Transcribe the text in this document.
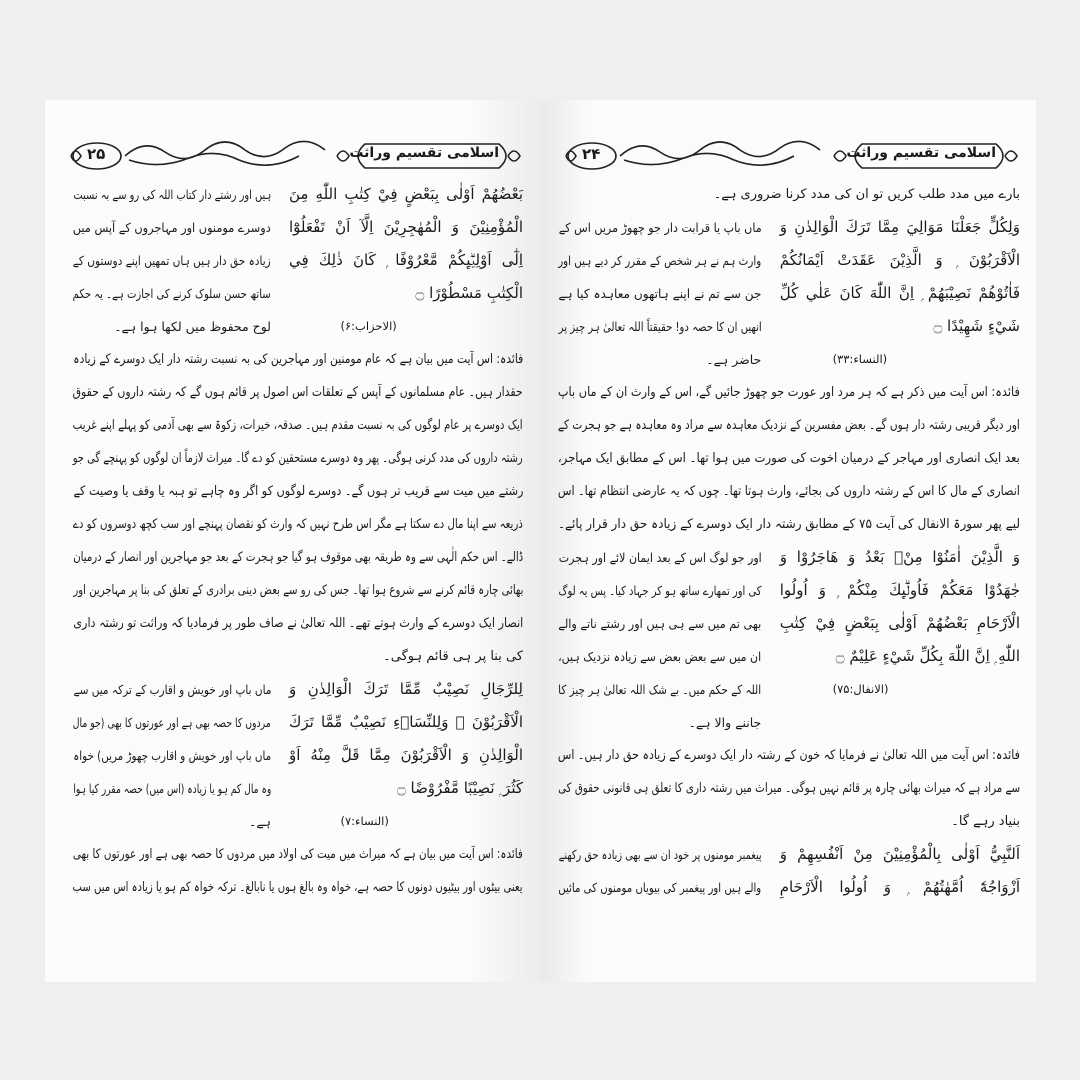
۲۵	اسلامی تقسیم وراثت
بَعْضُهُمْ اَوْلٰى بِبَعْضٍ فِيْ كِتٰبِ اللّٰهِ مِنَ
الْمُؤْمِنِيْنَ وَ الْمُهٰجِرِيْنَ اِلَّآ اَنْ تَفْعَلُوْٓا
اِلٰٓى اَوْلِيٰۗىِٕكُمْ مَّعْرُوْفًا ۭ كَانَ ذٰلِكَ فِي
الْكِتٰبِ مَسْطُوْرًا ۝
(الاحزاب:۶)
ہیں اور رشتے دار کتاب اللہ کی رو سے بہ نسبت
دوسرے مومنوں اور مہاجروں کے آپس میں
زیادہ حق دار ہیں ہاں تمھیں اپنے دوستوں کے
ساتھ حسن سلوک کرنے کی اجازت ہے۔ یہ حکم
لوح محفوظ میں لکھا ہوا ہے۔
فائدہ: اس آیت میں بیان ہے کہ عام مومنین اور مہاجرین کی بہ نسبت رشتہ دار ایک دوسرے کے زیادہ
حقدار ہیں۔ عام مسلمانوں کے آپس کے تعلقات اس اصول پر قائم ہوں گے کہ رشتہ داروں کے حقوق
ایک دوسرے پر عام لوگوں کی بہ نسبت مقدم ہیں۔ صدقہ، خیرات، زکوۃ سے بھی آدمی کو پہلے اپنے غریب
رشتہ داروں کی مدد کرنی ہوگی۔ پھر وہ دوسرے مستحقین کو دے گا۔ میراث لازماً ان لوگوں کو پہنچے گی جو
رشتے میں میت سے قریب تر ہوں گے۔ دوسرے لوگوں کو اگر وہ چاہے تو ہبہ یا وقف یا وصیت کے
ذریعہ سے اپنا مال دے سکتا ہے مگر اس طرح نہیں کہ وارث کو نقصان پہنچے اور سب کچھ دوسروں کو دے
ڈالے۔ اس حکم الٰہی سے وہ طریقہ بھی موقوف ہو گیا جو ہجرت کے بعد جو مہاجرین اور انصار کے درمیان
بھائی چارہ قائم کرنے سے شروع ہوا تھا۔ جس کی رو سے بعض دینی برادری کے تعلق کی بنا پر مہاجرین اور
انصار ایک دوسرے کے وارث ہوتے تھے۔ اللہ تعالیٰ نے صاف طور پر فرمادیا کہ وراثت تو رشتہ داری
کی بنا پر ہی قائم ہوگی۔
لِلرِّجَالِ نَصِيْبٌ مِّمَّا تَرَكَ الْوَالِدٰنِ وَ
الْاَقْرَبُوْنَ ۠ وَلِلنِّسَاۗءِ نَصِيْبٌ مِّمَّا تَرَكَ
الْوَالِدٰنِ وَ الْاَقْرَبُوْنَ مِمَّا قَلَّ مِنْهُ اَوْ
كَثُرَ ۭ نَصِيْبًا مَّفْرُوْضًا ۝
(النساء:۷)
ماں باپ اور خویش و اقارب کے ترکہ میں سے
مردوں کا حصہ بھی ہے اور عورتوں کا بھی (جو مال
ماں باپ اور خویش و اقارب چھوڑ مریں) خواہ
وہ مال کم ہو یا زیادہ (اس میں) حصہ مقرر کیا ہوا
ہے۔
فائدہ: اس آیت میں بیان ہے کہ میراث میں میت کی اولاد میں مردوں کا حصہ بھی ہے اور عورتوں کا بھی
یعنی بیٹوں اور بیٹیوں دونوں کا حصہ ہے، خواہ وہ بالغ ہوں یا نابالغ۔ ترکہ خواہ کم ہو یا زیادہ اس میں سب
۲۴	اسلامی تقسیم وراثت
بارے میں مدد طلب کریں تو ان کی مدد کرنا ضروری ہے۔
وَلِكُلٍّ جَعَلْنَا مَوَالِيَ مِمَّا تَرَكَ الْوَالِدٰنِ وَ
الْاَقْرَبُوْنَ ۭ وَ الَّذِيْنَ عَقَدَتْ اَيْمَانُكُمْ
فَاٰتُوْهُمْ نَصِيْبَهُمْ ۭ اِنَّ اللّٰهَ كَانَ عَلٰي كُلِّ
شَيْءٍ شَهِيْدًا ۝
(النساء:۳۳)
ماں باپ یا قرابت دار جو چھوڑ مریں اس کے
وارث ہم نے ہر شخص کے مقرر کر دیے ہیں اور
جن سے تم نے اپنے ہاتھوں معاہدہ کیا ہے
انھیں ان کا حصہ دو! حقیقتاً اللہ تعالیٰ ہر چیز پر
حاضر ہے۔
فائدہ: اس آیت میں ذکر ہے کہ ہر مرد اور عورت جو چھوڑ جائیں گے، اس کے وارث ان کے ماں باپ
اور دیگر قریبی رشتہ دار ہوں گے۔ بعض مفسرین کے نزدیک معاہدہ سے مراد وہ معاہدہ ہے جو ہجرت کے
بعد ایک انصاری اور مہاجر کے درمیان اخوت کی صورت میں ہوا تھا۔ اس کے مطابق ایک مہاجر،
انصاری کے مال کا اس کے رشتہ داروں کی بجائے، وارث ہوتا تھا۔ چوں کہ یہ عارضی انتظام تھا۔ اس
لیے پھر سورۃ الانفال کی آیت ۷۵ کے مطابق رشتہ دار ایک دوسرے کے زیادہ حق دار قرار پائے۔
وَ الَّذِيْنَ اٰمَنُوْا مِنْۢ بَعْدُ وَ هَاجَرُوْا وَ
جٰهَدُوْا مَعَكُمْ فَاُولٰۗىِٕكَ مِنْكُمْ ۭ وَ اُولُوا
الْاَرْحَامِ بَعْضُهُمْ اَوْلٰى بِبَعْضٍ فِيْ كِتٰبِ
اللّٰهِ ۭ اِنَّ اللّٰهَ بِكُلِّ شَيْءٍ عَلِيْمٌ ۝
(الانفال:۷۵)
اور جو لوگ اس کے بعد ایمان لائے اور ہجرت
کی اور تمھارے ساتھ ہو کر جہاد کیا۔ پس یہ لوگ
بھی تم میں سے ہی ہیں اور رشتے ناتے والے
ان میں سے بعض بعض سے زیادہ نزدیک ہیں،
اللہ کے حکم میں۔ بے شک اللہ تعالیٰ ہر چیز کا
جاننے والا ہے۔
فائدہ: اس آیت میں اللہ تعالیٰ نے فرمایا کہ خون کے رشتہ دار ایک دوسرے کے زیادہ حق دار ہیں۔ اس
سے مراد ہے کہ میراث بھائی چارہ پر قائم نہیں ہوگی۔ میراث میں رشتہ داری کا تعلق ہی قانونی حقوق کی
بنیاد رہے گا۔
اَلنَّبِيُّ اَوْلٰى بِالْمُؤْمِنِيْنَ مِنْ اَنْفُسِهِمْ وَ
اَزْوَاجُهٗٓ اُمَّهٰتُهُمْ ۭ وَ اُولُوا الْاَرْحَامِ
پیغمبر مومنوں پر خود ان سے بھی زیادہ حق رکھنے
والے ہیں اور پیغمبر کی بیویاں مومنوں کی مائیں
